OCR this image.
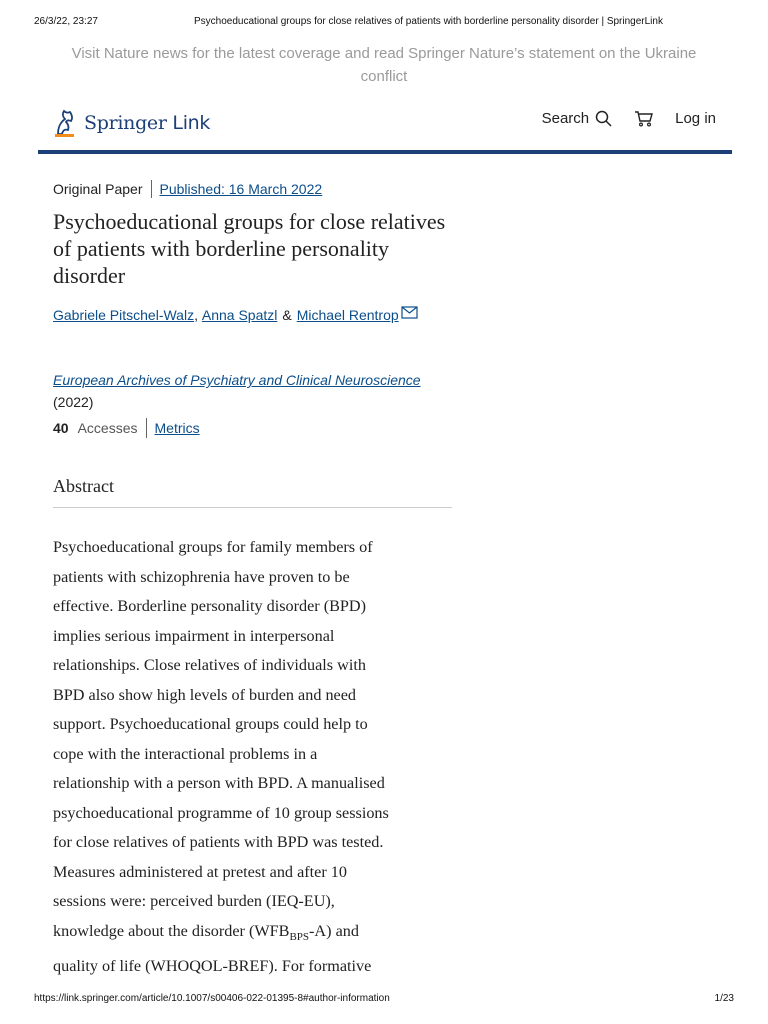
26/3/22, 23:27	Psychoeducational groups for close relatives of patients with borderline personality disorder | SpringerLink
Visit Nature news for the latest coverage and read Springer Nature’s statement on the Ukraine conflict
Springer Link	Search	Log in
Original Paper Published: 16 March 2022
Psychoeducational groups for close relatives of patients with borderline personality disorder
Gabriele Pitschel-Walz ,
Anna Spatzl & Michael Rentrop
European Archives of Psychiatry and Clinical Neuroscience
(2022)
40 Accesses Metrics
Abstract
Psychoeducational groups for family members of
patients with schizophrenia have proven to be
effective. Borderline personality disorder (BPD)
implies serious impairment in interpersonal
relationships. Close relatives of individuals with
BPD also show high levels of burden and need
support. Psychoeducational groups could help to
cope with the interactional problems in a
relationship with a person with BPD. A manualised
psychoeducational programme of 10 group sessions
for close relatives of patients with BPD was tested.
Measures administered at pretest and after 10
sessions were: perceived burden (IEQ-EU),
knowledge about the disorder $(WFB_{BPS}-A)$ and
quality of life (WHOQOL-BREF). For formative
https://link.springer.com/article/10.1007/s00406-022-01395-8#author-information	1/23
